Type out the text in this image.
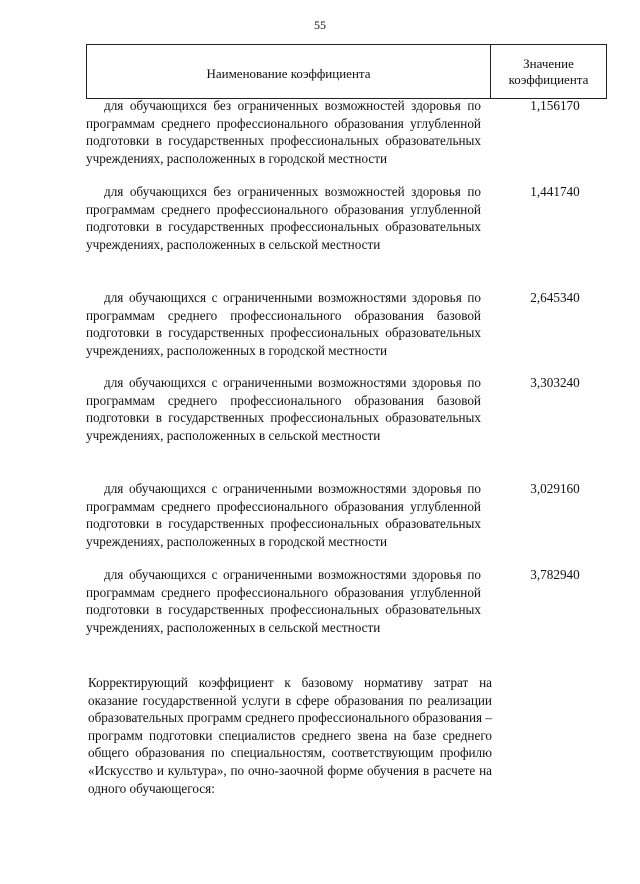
55
Наименование коэффициента
Значение коэффициента
для обучающихся без ограниченных возможностей здоровья по программам среднего профессионального образования углубленной подготовки в государственных профессиональных образовательных учреждениях, расположенных в городской местности
1,156170
для обучающихся без ограниченных возможностей здоровья по программам среднего профессионального образования углубленной подготовки в государственных профессиональных образовательных учреждениях, расположенных в сельской местности
1,441740
для обучающихся с ограниченными возможностями здоровья по программам среднего профессионального образования базовой подготовки в государственных профессиональных образовательных учреждениях, расположенных в городской местности
2,645340
для обучающихся с ограниченными возможностями здоровья по программам среднего профессионального образования базовой подготовки в государственных профессиональных образовательных учреждениях, расположенных в сельской местности
3,303240
для обучающихся с ограниченными возможностями здоровья по программам среднего профессионального образования углубленной подготовки в государственных профессиональных образовательных учреждениях, расположенных в городской местности
3,029160
для обучающихся с ограниченными возможностями здоровья по программам среднего профессионального образования углубленной подготовки в государственных профессиональных образовательных учреждениях, расположенных в сельской местности
3,782940
Корректирующий коэффициент к базовому нормативу затрат на оказание государственной услуги в сфере образования по реализации образовательных программ среднего профессионального образования – программ подготовки специалистов среднего звена на базе среднего общего образования по специальностям, соответствующим профилю «Искусство и культура», по очно-заочной форме обучения в расчете на одного обучающегося:
